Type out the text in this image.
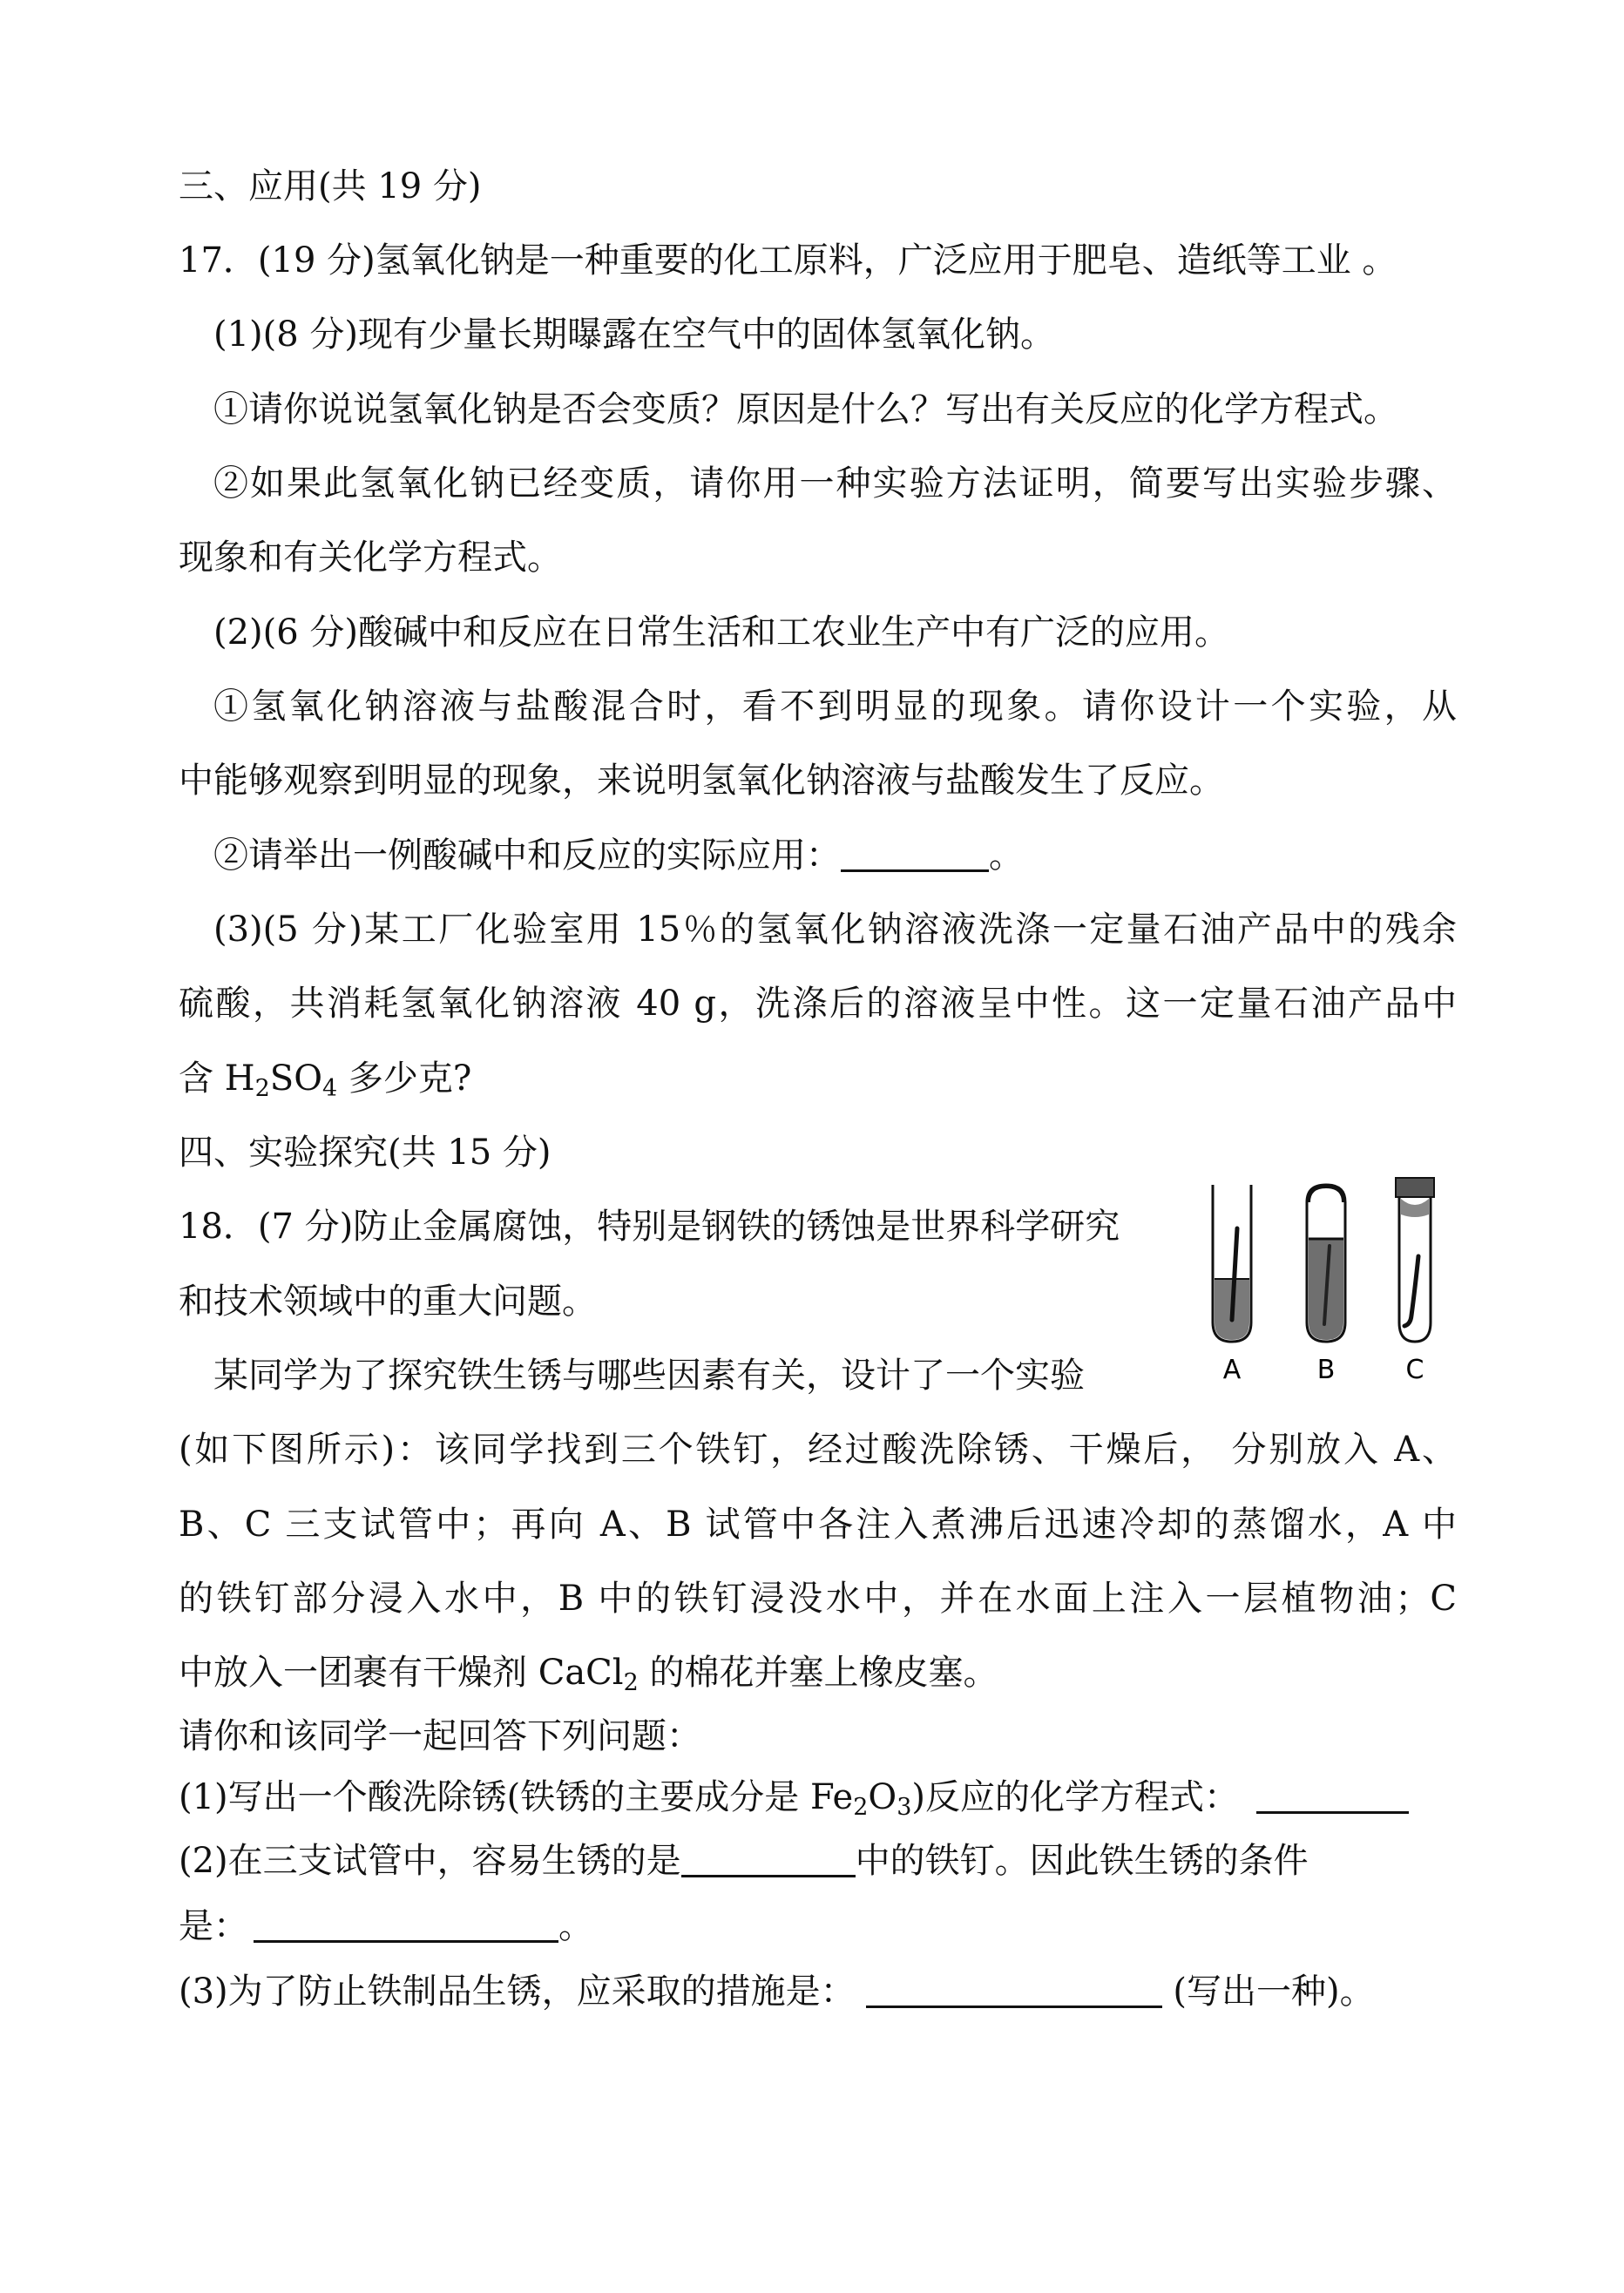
三、应用(共 19 分)
17．(19 分)氢氧化钠是一种重要的化工原料，广泛应用于肥皂、造纸等工业 。
(1)(8 分)现有少量长期曝露在空气中的固体氢氧化钠。
①请你说说氢氧化钠是否会变质？原因是什么？写出有关反应的化学方程式。
②如果此氢氧化钠已经变质，请你用一种实验方法证明，简要写出实验步骤、
现象和有关化学方程式。
(2)(6 分)酸碱中和反应在日常生活和工农业生产中有广泛的应用。
①氢氧化钠溶液与盐酸混合时，看不到明显的现象。请你设计一个实验，从
中能够观察到明显的现象，来说明氢氧化钠溶液与盐酸发生了反应。
②请举出一例酸碱中和反应的实际应用：	。
(3)(5 分)某工厂化验室用 15％的氢氧化钠溶液洗涤一定量石油产品中的残余
硫酸，共消耗氢氧化钠溶液 40 g，洗涤后的溶液呈中性。这一定量石油产品中
含 $H_2SO_4$ 多少克?
四、实验探究(共 15 分)
18．(7 分)防止金属腐蚀，特别是钢铁的锈蚀是世界科学研究
和技术领域中的重大问题。
某同学为了探究铁生锈与哪些因素有关，设计了一个实验
(如下图所示)：该同学找到三个铁钉，经过酸洗除锈、干燥后， 分别放入 A、
B、C 三支试管中；再向 A、B 试管中各注入煮沸后迅速冷却的蒸馏水，A 中
的铁钉部分浸入水中，B 中的铁钉浸没水中，并在水面上注入一层植物油；C
中放入一团裹有干燥剂 CaCl$_2$ 的棉花并塞上橡皮塞。
请你和该同学一起回答下列问题：
(1)写出一个酸洗除锈(铁锈的主要成分是 $Fe_2O_3$)反应的化学方程式：
(2)在三支试管中，容易生锈的是	中的铁钉。因此铁生锈的条件
是：	。
(3)为了防止铁制品生锈，应采取的措施是：	(写出一种)。
A	B	C
